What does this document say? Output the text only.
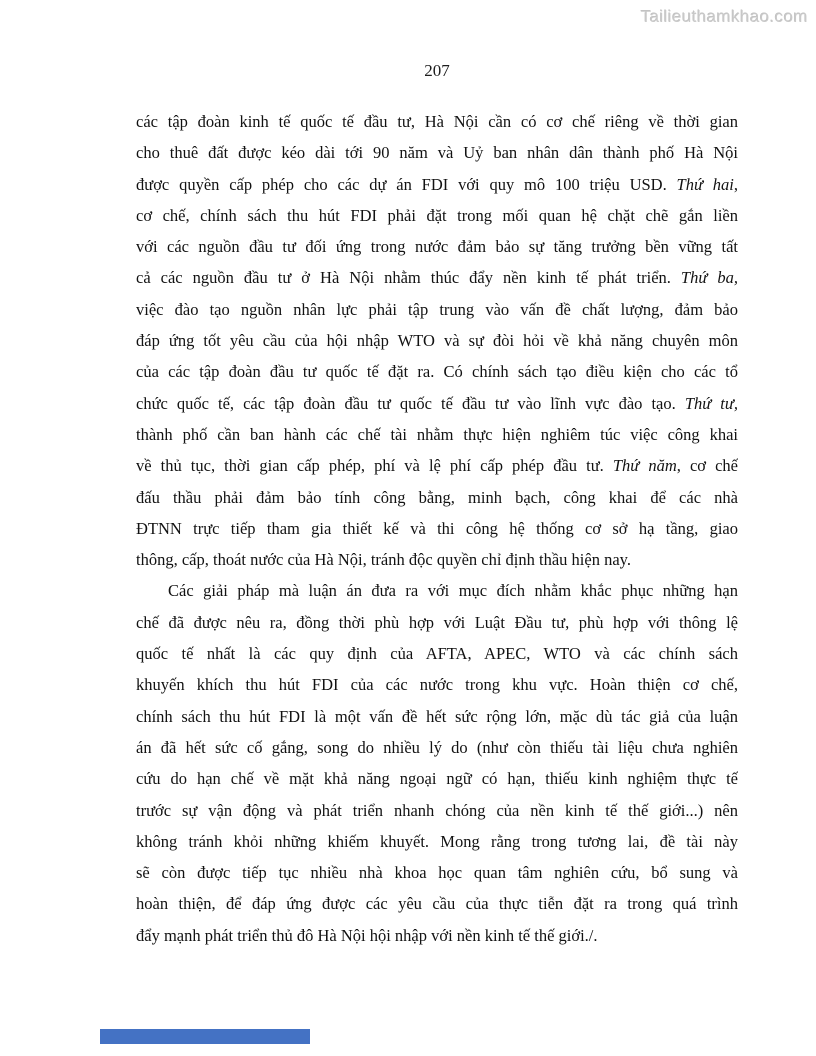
Tailieuthamkhao.com
207
các tập đoàn kinh tế quốc tế đầu tư, Hà Nội cần có cơ chế riêng về thời gian
cho thuê đất được kéo dài tới 90 năm và Uỷ ban nhân dân thành phố Hà Nội
được quyền cấp phép cho các dự án FDI với quy mô 100 triệu USD. Thứ hai,
cơ chế, chính sách thu hút FDI phải đặt trong mối quan hệ chặt chẽ gắn liền
với các nguồn đầu tư đối ứng trong nước đảm bảo sự tăng trưởng bền vững tất
cả các nguồn đầu tư ở Hà Nội nhằm thúc đẩy nền kinh tế phát triển. Thứ ba,
việc đào tạo nguồn nhân lực phải tập trung vào vấn đề chất lượng, đảm bảo
đáp ứng tốt yêu cầu của hội nhập WTO và sự đòi hỏi về khả năng chuyên môn
của các tập đoàn đầu tư quốc tế đặt ra. Có chính sách tạo điều kiện cho các tổ
chức quốc tế, các tập đoàn đầu tư quốc tế đầu tư vào lĩnh vực đào tạo. Thứ tư,
thành phố cần ban hành các chế tài nhằm thực hiện nghiêm túc việc công khai
về thủ tục, thời gian cấp phép, phí và lệ phí cấp phép đầu tư. Thứ năm, cơ chế
đấu thầu phải đảm bảo tính công bằng, minh bạch, công khai để các nhà
ĐTNN trực tiếp tham gia thiết kế và thi công hệ thống cơ sở hạ tầng, giao
thông, cấp, thoát nước của Hà Nội, tránh độc quyền chỉ định thầu hiện nay.
Các giải pháp mà luận án đưa ra với mục đích nhằm khắc phục những hạn
chế đã được nêu ra, đồng thời phù hợp với Luật Đầu tư, phù hợp với thông lệ
quốc tế nhất là các quy định của AFTA, APEC, WTO và các chính sách
khuyến khích thu hút FDI của các nước trong khu vực. Hoàn thiện cơ chế,
chính sách thu hút FDI là một vấn đề hết sức rộng lớn, mặc dù tác giả của luận
án đã hết sức cố gắng, song do nhiều lý do (như còn thiếu tài liệu chưa nghiên
cứu do hạn chế về mặt khả năng ngoại ngữ có hạn, thiếu kinh nghiệm thực tế
trước sự vận động và phát triển nhanh chóng của nền kinh tế thế giới...) nên
không tránh khỏi những khiếm khuyết. Mong rằng trong tương lai, đề tài này
sẽ còn được tiếp tục nhiều nhà khoa học quan tâm nghiên cứu, bổ sung và
hoàn thiện, để đáp ứng được các yêu cầu của thực tiễn đặt ra trong quá trình
đẩy mạnh phát triển thủ đô Hà Nội hội nhập với nền kinh tế thế giới./.
